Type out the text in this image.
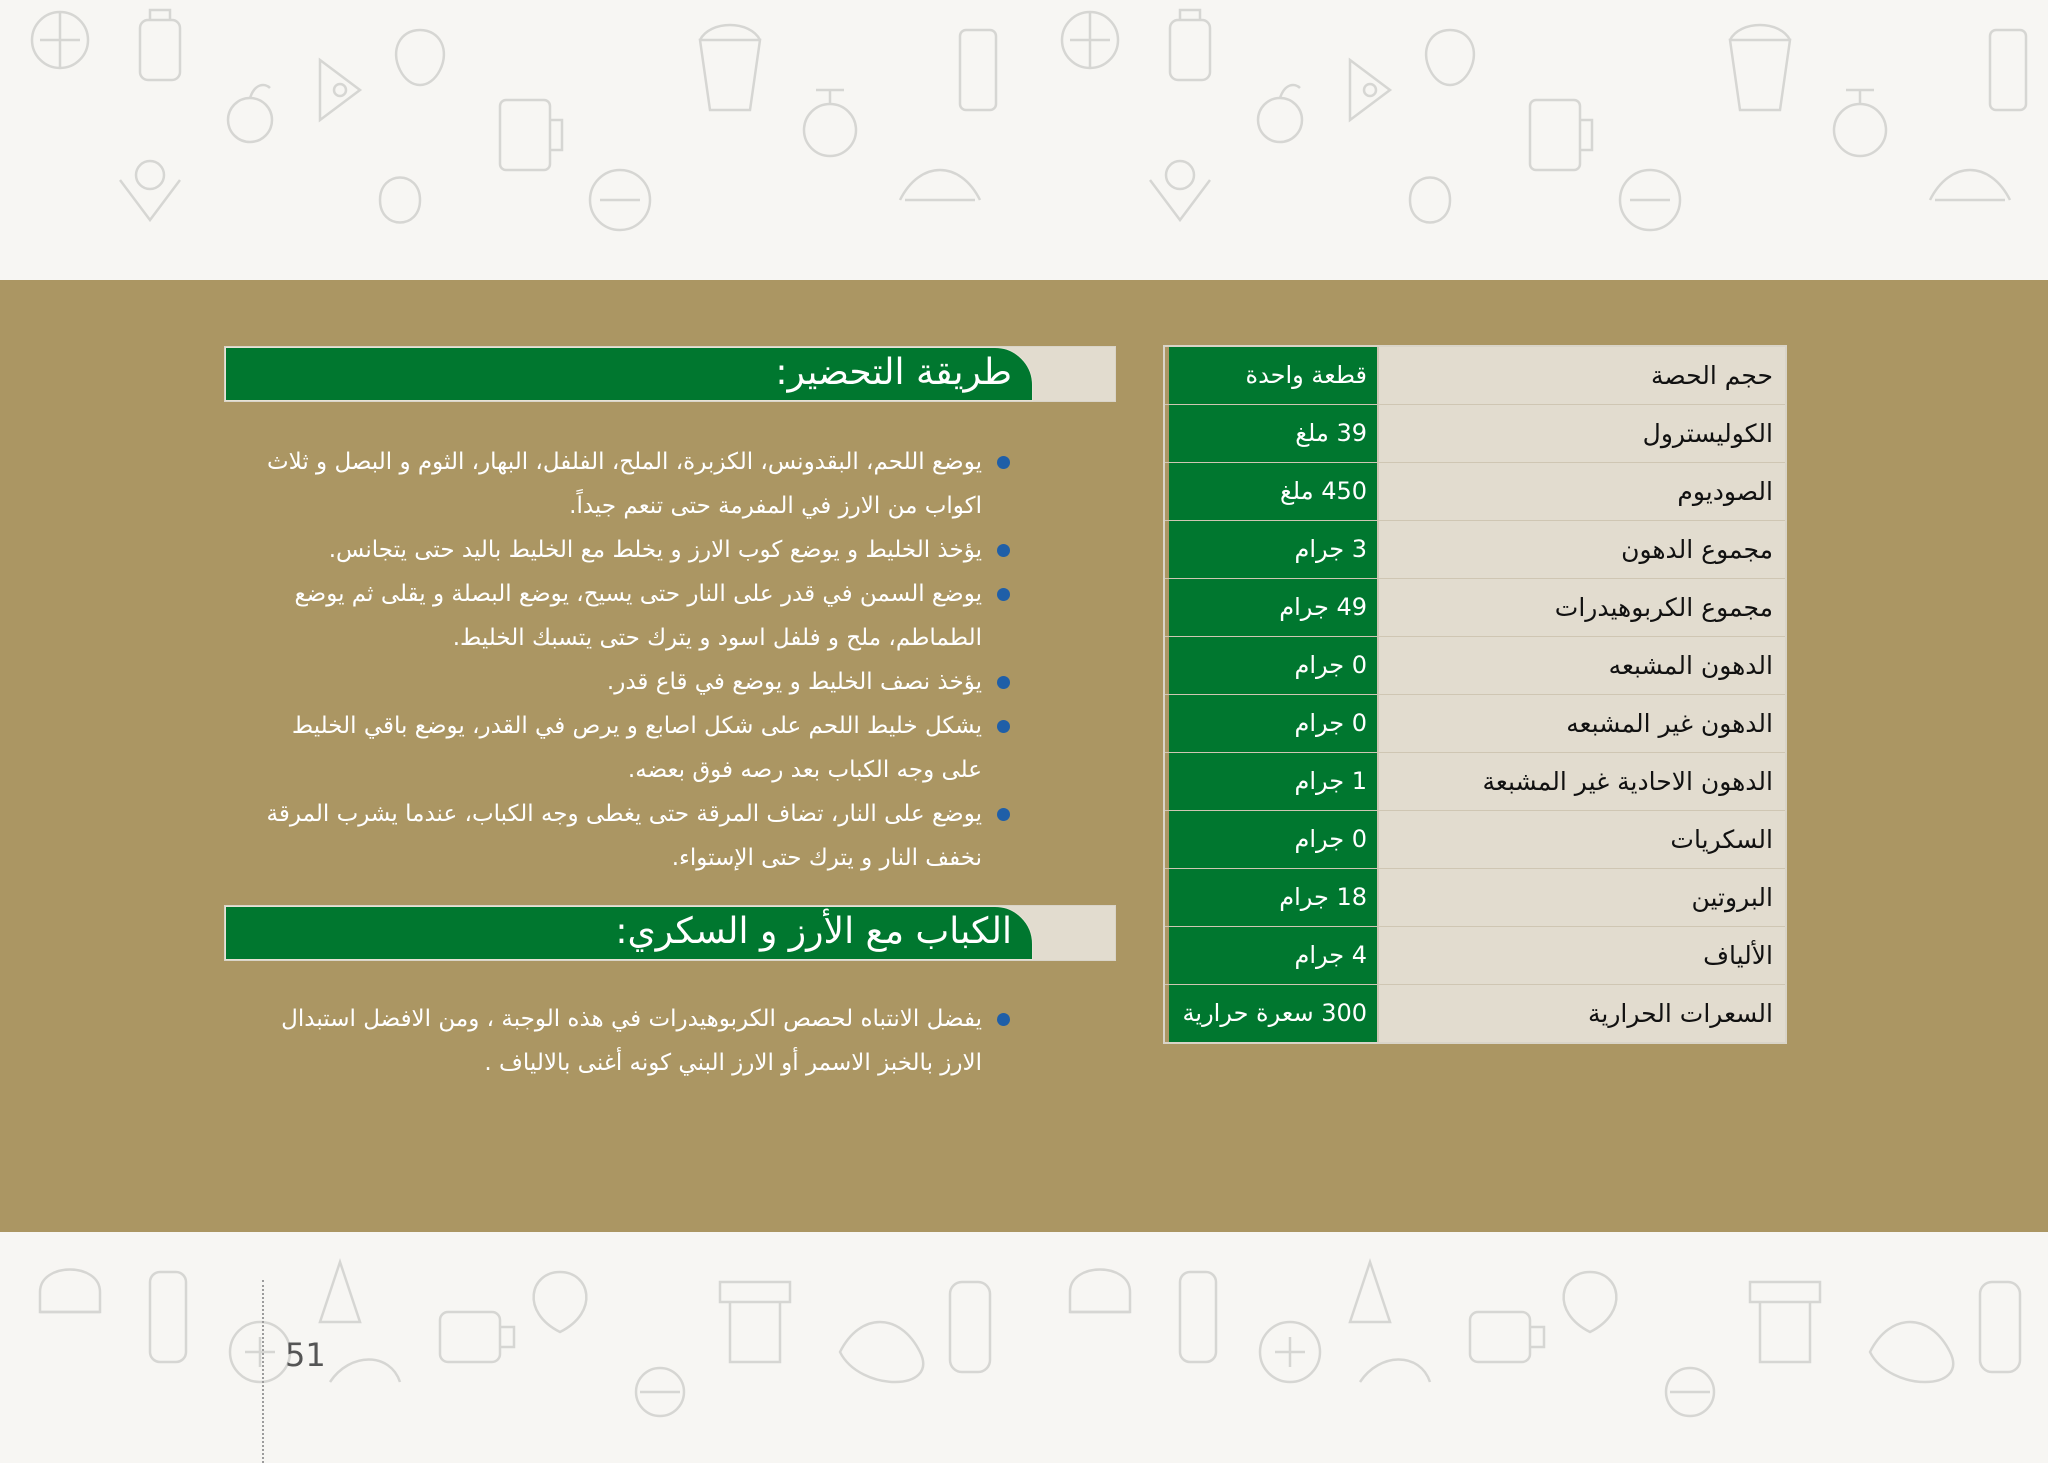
حجم الحصة
قطعة واحدة
الكوليسترول
39 ملغ
الصوديوم
450 ملغ
مجموع الدهون
3 جرام
مجموع الكربوهيدرات
49 جرام
الدهون المشبعه
0 جرام
الدهون غير المشبعه
0 جرام
الدهون الاحادية غير المشبعة
1 جرام
السكريات
0 جرام
البروتين
18 جرام
الألياف
4 جرام
السعرات الحرارية
300 سعرة حرارية
طريقة التحضير:
يوضع اللحم، البقدونس، الكزبرة، الملح، الفلفل، البهار، الثوم و البصل و ثلاث اكواب من الارز في المفرمة حتى تنعم جيداً.
يؤخذ الخليط و يوضع كوب الارز و يخلط مع الخليط باليد حتى يتجانس.
يوضع السمن في قدر على النار حتى يسيح، يوضع البصلة و يقلى ثم يوضع الطماطم، ملح و فلفل اسود و يترك حتى يتسبك الخليط.
يؤخذ نصف الخليط و يوضع في قاع قدر.
يشكل خليط اللحم على شكل اصابع و يرص في القدر، يوضع باقي الخليط على وجه الكباب بعد رصه فوق بعضه.
يوضع على النار، تضاف المرقة حتى يغطى وجه الكباب، عندما يشرب المرقة نخفف النار و يترك حتى الإستواء.
الكباب مع الأرز و السكري:
يفضل الانتباه لحصص الكربوهيدرات في هذه الوجبة ، ومن الافضل استبدال الارز بالخبز الاسمر أو الارز البني كونه أغنى بالالياف .
51
